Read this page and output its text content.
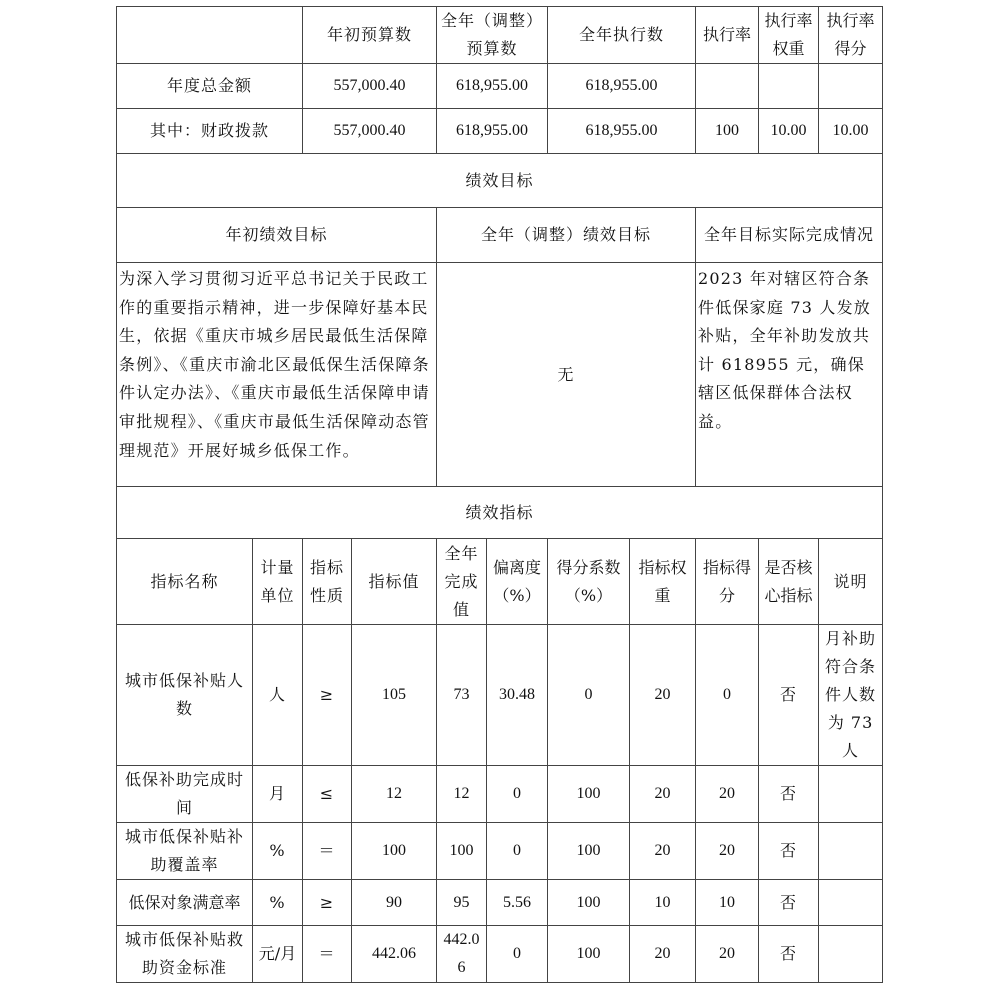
		年初预算数		全年（调整）预算数		全年执行数		执行率	执行率权重	执行率得分
年度总金额		557,000.40		618,955.00		618,955.00				
其中：财政拨款		557,000.40		618,955.00		618,955.00		100	10.00	10.00
绩效目标										
年初绩效目标				全年（调整）绩效目标				全年目标实际完成情况		
为深入学习贯彻习近平总书记关于民政工作的重要指示精神，进一步保障好基本民生，依据《重庆市城乡居民最低生活保障条例》、《重庆市渝北区最低保生活保障条件认定办法》、《重庆市最低生活保障申请审批规程》、《重庆市最低生活保障动态管理规范》开展好城乡低保工作。				无				2023 年对辖区符合条件低保家庭 73 人发放补贴，全年补助发放共计 618955 元，确保辖区低保群体合法权益。		
绩效指标										
指标名称	计量单位	指标性质	指标值	全年完成值	偏离度（%）	得分系数（%）	指标权重	指标得分	是否核心指标	说明
城市低保补贴人数	人	≥	105	73	30.48	0	20	0	否	月补助符合条件人数为 73 人
低保补助完成时间	月	≤	12	12	0	100	20	20	否	
城市低保补贴补助覆盖率	%	＝	100	100	0	100	20	20	否	
低保对象满意率	%	≥	90	95	5.56	100	10	10	否	
城市低保补贴救助资金标准	元/月	＝	442.06	442.06	0	100	20	20	否	
